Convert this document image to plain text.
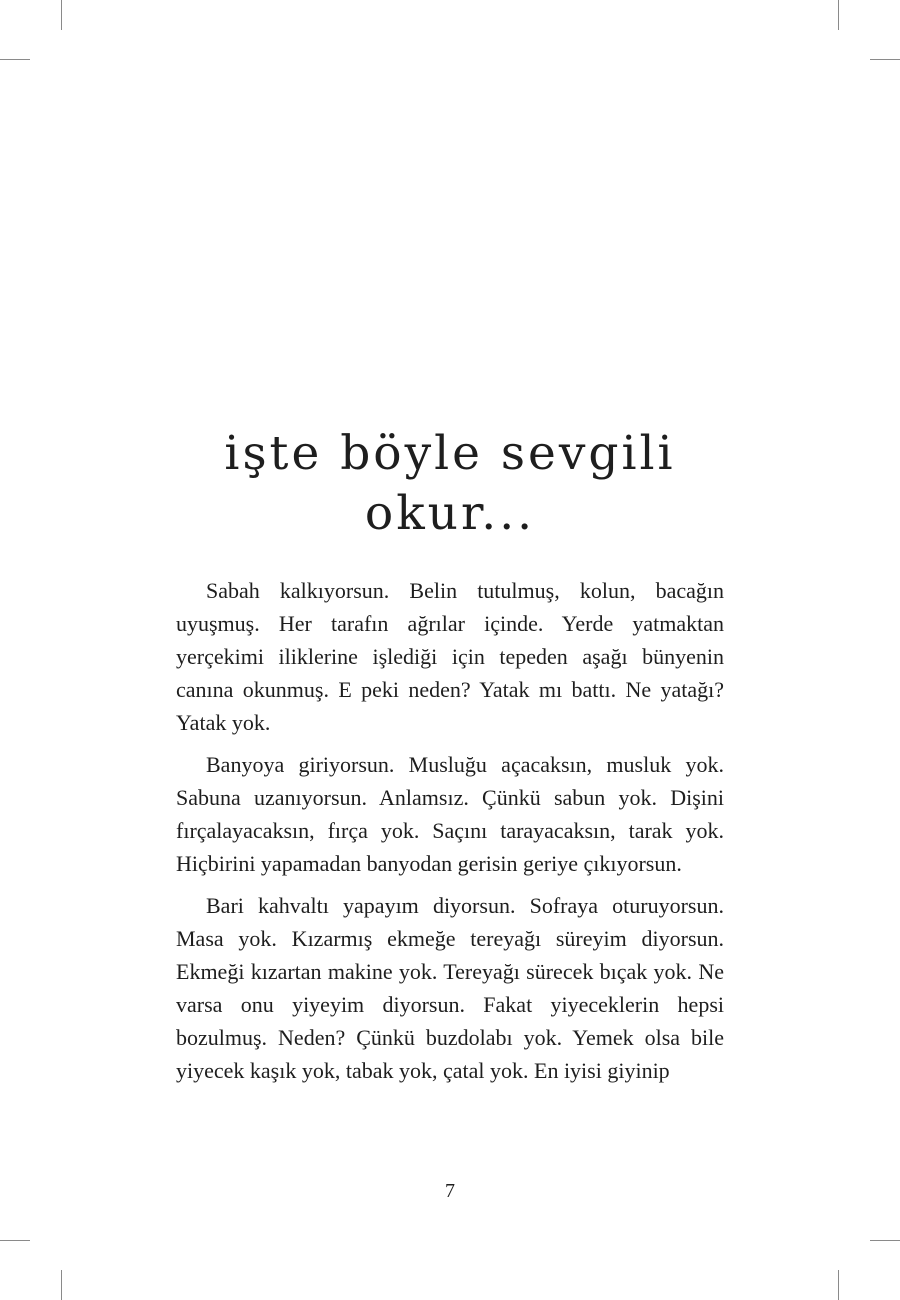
işte böyle sevgili
okur...

Sabah kalkıyorsun. Belin tutulmuş, kolun, bacağın uyuşmuş. Her tarafın ağrılar içinde. Yerde yatmaktan yerçekimi iliklerine işlediği için tepeden aşağı bünyenin canına okunmuş. E peki neden? Yatak mı battı. Ne yatağı? Yatak yok.

Banyoya giriyorsun. Musluğu açacaksın, musluk yok. Sabuna uzanıyorsun. Anlamsız. Çünkü sabun yok. Dişini fırçalayacaksın, fırça yok. Saçını tarayacaksın, tarak yok. Hiçbirini yapamadan banyodan gerisin geriye çıkıyorsun.

Bari kahvaltı yapayım diyorsun. Sofraya oturuyorsun. Masa yok. Kızarmış ekmeğe tereyağı süreyim diyorsun. Ekmeği kızartan makine yok. Tereyağı sürecek bıçak yok. Ne varsa onu yiyeyim diyorsun. Fakat yiyeceklerin hepsi bozulmuş. Neden? Çünkü buzdolabı yok. Yemek olsa bile yiyecek kaşık yok, tabak yok, çatal yok. En iyisi giyinip

7
